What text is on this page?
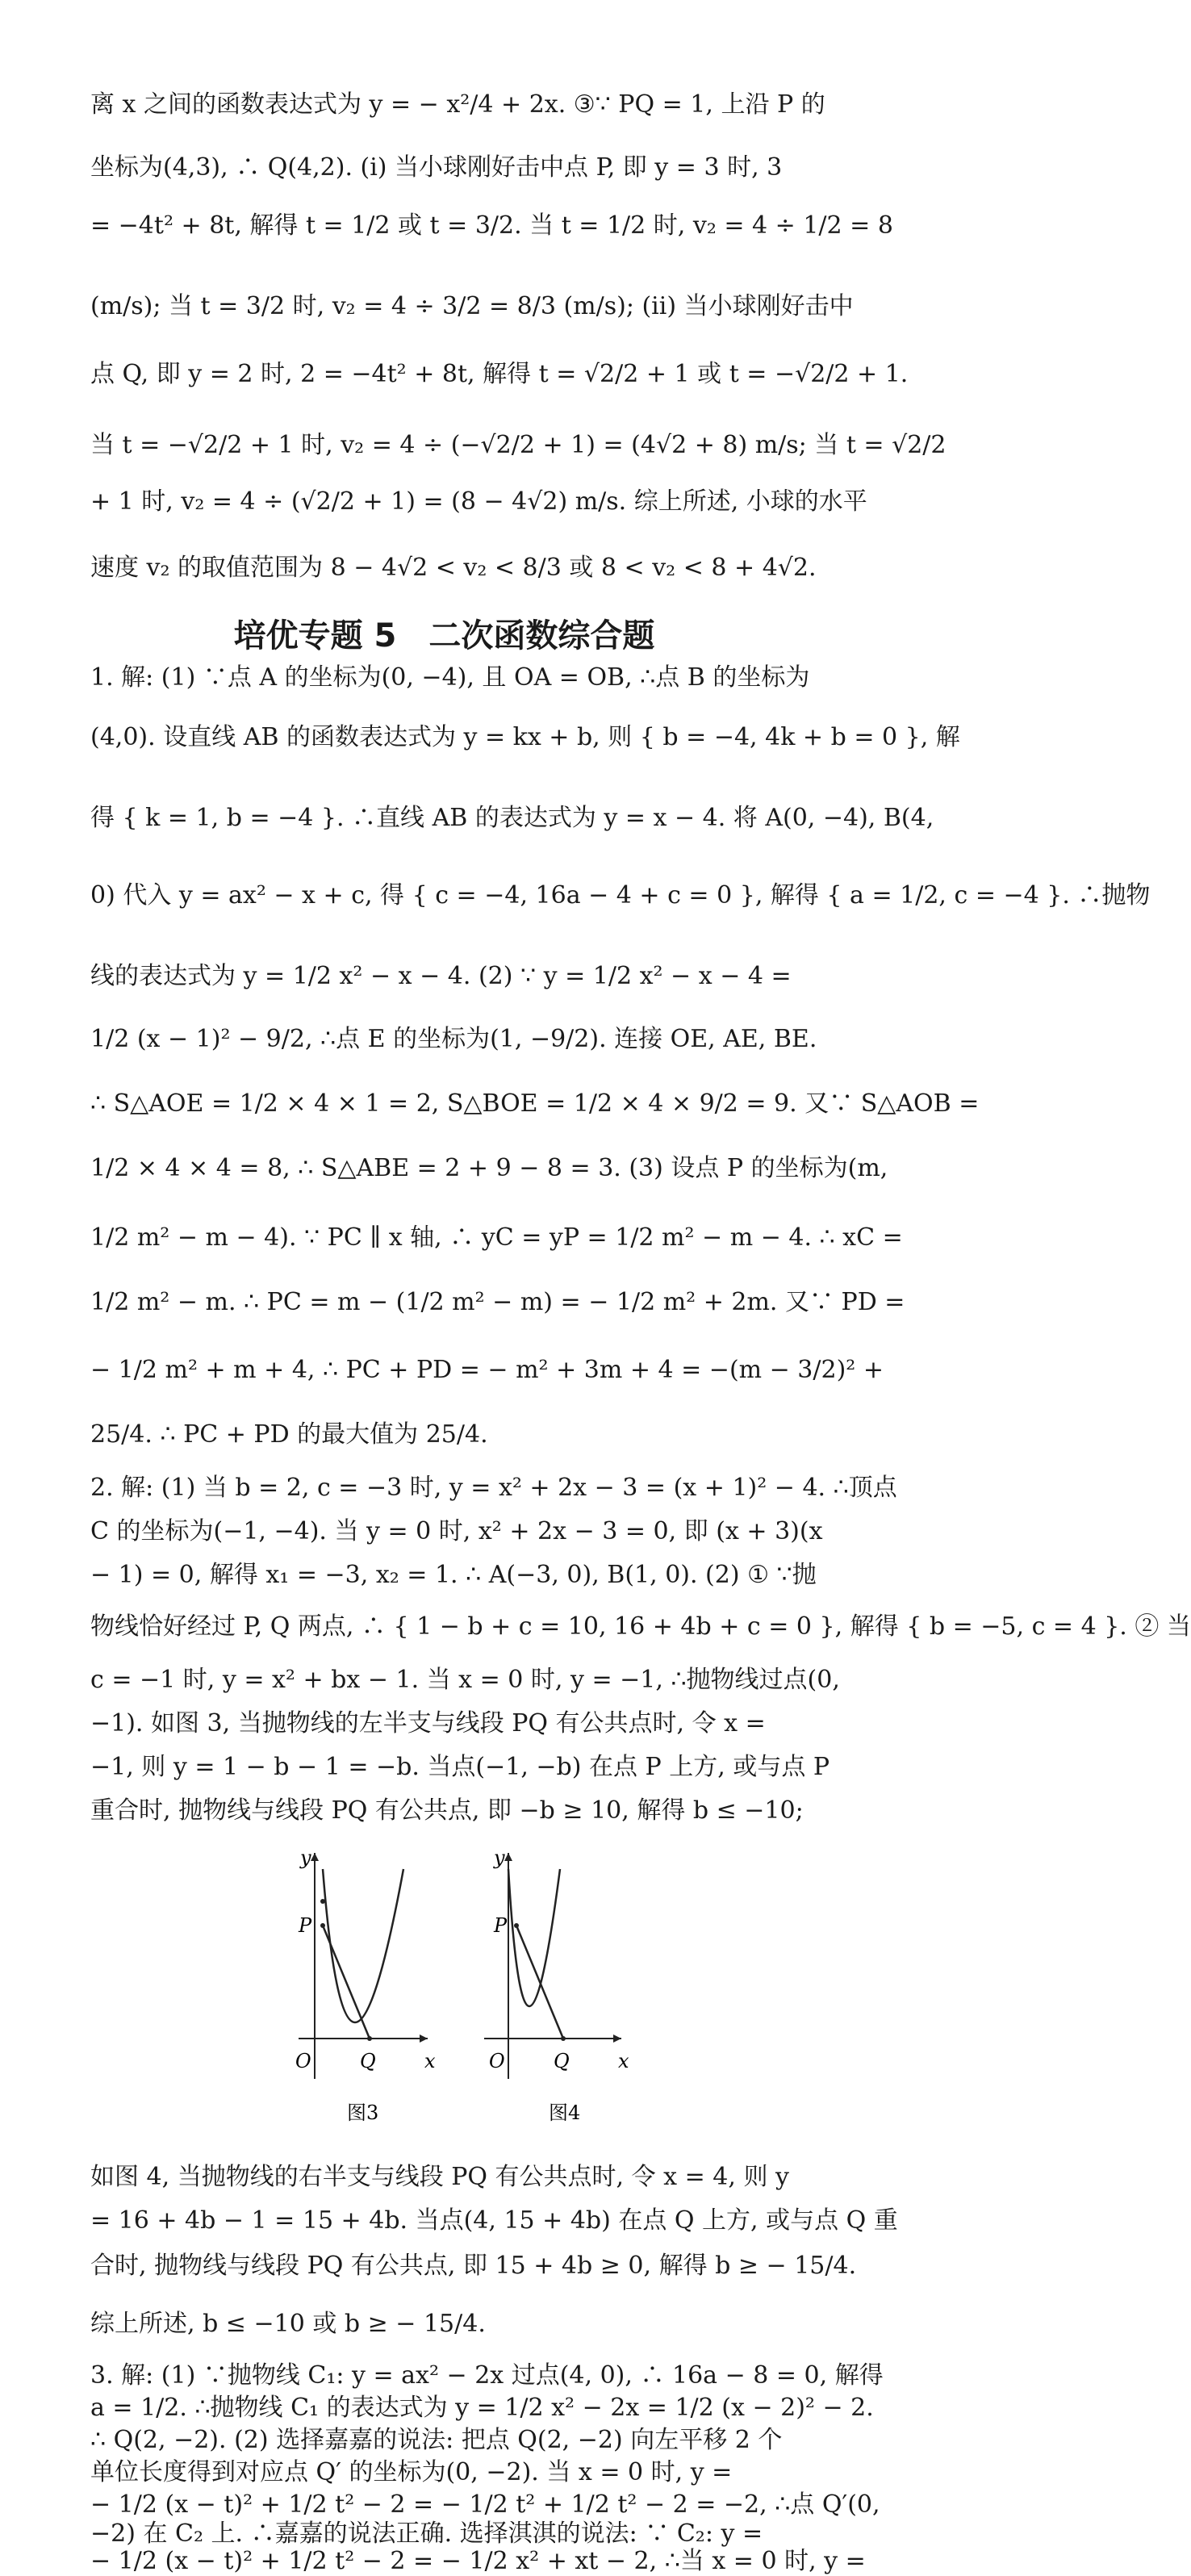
离 x 之间的函数表达式为 y = − x²/4 + 2x. ③∵ PQ = 1, 上沿 P 的
坐标为(4,3), ∴ Q(4,2). (ⅰ) 当小球刚好击中点 P, 即 y = 3 时, 3
= −4t² + 8t, 解得 t = 1/2 或 t = 3/2. 当 t = 1/2 时, v₂ = 4 ÷ 1/2 = 8
(m/s); 当 t = 3/2 时, v₂ = 4 ÷ 3/2 = 8/3 (m/s); (ⅱ) 当小球刚好击中
点 Q, 即 y = 2 时, 2 = −4t² + 8t, 解得 t = √2/2 + 1 或 t = −√2/2 + 1.
当 t = −√2/2 + 1 时, v₂ = 4 ÷ (−√2/2 + 1) = (4√2 + 8) m/s; 当 t = √2/2
+ 1 时, v₂ = 4 ÷ (√2/2 + 1) = (8 − 4√2) m/s. 综上所述, 小球的水平
速度 v₂ 的取值范围为 8 − 4√2 < v₂ < 8/3 或 8 < v₂ < 8 + 4√2.
培优专题 5　二次函数综合题
1. 解: (1) ∵点 A 的坐标为(0, −4), 且 OA = OB, ∴点 B 的坐标为
(4,0). 设直线 AB 的函数表达式为 y = kx + b, 则 { b = −4, 4k + b = 0 }, 解
得 { k = 1, b = −4 }. ∴直线 AB 的表达式为 y = x − 4. 将 A(0, −4), B(4,
0) 代入 y = ax² − x + c, 得 { c = −4, 16a − 4 + c = 0 }, 解得 { a = 1/2, c = −4 }. ∴抛物
线的表达式为 y = 1/2 x² − x − 4. (2) ∵ y = 1/2 x² − x − 4 =
1/2 (x − 1)² − 9/2, ∴点 E 的坐标为(1, −9/2). 连接 OE, AE, BE.
∴ S△AOE = 1/2 × 4 × 1 = 2, S△BOE = 1/2 × 4 × 9/2 = 9. 又∵ S△AOB =
1/2 × 4 × 4 = 8, ∴ S△ABE = 2 + 9 − 8 = 3. (3) 设点 P 的坐标为(m,
1/2 m² − m − 4). ∵ PC ∥ x 轴, ∴ yC = yP = 1/2 m² − m − 4. ∴ xC =
1/2 m² − m. ∴ PC = m − (1/2 m² − m) = − 1/2 m² + 2m. 又∵ PD =
− 1/2 m² + m + 4, ∴ PC + PD = − m² + 3m + 4 = −(m − 3/2)² +
25/4. ∴ PC + PD 的最大值为 25/4.
2. 解: (1) 当 b = 2, c = −3 时, y = x² + 2x − 3 = (x + 1)² − 4. ∴顶点
C 的坐标为(−1, −4). 当 y = 0 时, x² + 2x − 3 = 0, 即 (x + 3)(x
− 1) = 0, 解得 x₁ = −3, x₂ = 1. ∴ A(−3, 0), B(1, 0). (2) ① ∵抛
物线恰好经过 P, Q 两点, ∴ { 1 − b + c = 10, 16 + 4b + c = 0 }, 解得 { b = −5, c = 4 }. ② 当
c = −1 时, y = x² + bx − 1. 当 x = 0 时, y = −1, ∴抛物线过点(0,
−1). 如图 3, 当抛物线的左半支与线段 PQ 有公共点时, 令 x =
−1, 则 y = 1 − b − 1 = −b. 当点(−1, −b) 在点 P 上方, 或与点 P
重合时, 抛物线与线段 PQ 有公共点, 即 −b ≥ 10, 解得 b ≤ −10;
y
x
O
P
Q
图3
y
x
O
P
Q
图4
如图 4, 当抛物线的右半支与线段 PQ 有公共点时, 令 x = 4, 则 y
= 16 + 4b − 1 = 15 + 4b. 当点(4, 15 + 4b) 在点 Q 上方, 或与点 Q 重
合时, 抛物线与线段 PQ 有公共点, 即 15 + 4b ≥ 0, 解得 b ≥ − 15/4.
综上所述, b ≤ −10 或 b ≥ − 15/4.
3. 解: (1) ∵抛物线 C₁: y = ax² − 2x 过点(4, 0), ∴ 16a − 8 = 0, 解得
a = 1/2. ∴抛物线 C₁ 的表达式为 y = 1/2 x² − 2x = 1/2 (x − 2)² − 2.
∴ Q(2, −2). (2) 选择嘉嘉的说法: 把点 Q(2, −2) 向左平移 2 个
单位长度得到对应点 Q′ 的坐标为(0, −2). 当 x = 0 时, y =
− 1/2 (x − t)² + 1/2 t² − 2 = − 1/2 t² + 1/2 t² − 2 = −2, ∴点 Q′(0,
−2) 在 C₂ 上. ∴嘉嘉的说法正确. 选择淇淇的说法: ∵ C₂: y =
− 1/2 (x − t)² + 1/2 t² − 2 = − 1/2 x² + xt − 2, ∴当 x = 0 时, y =
